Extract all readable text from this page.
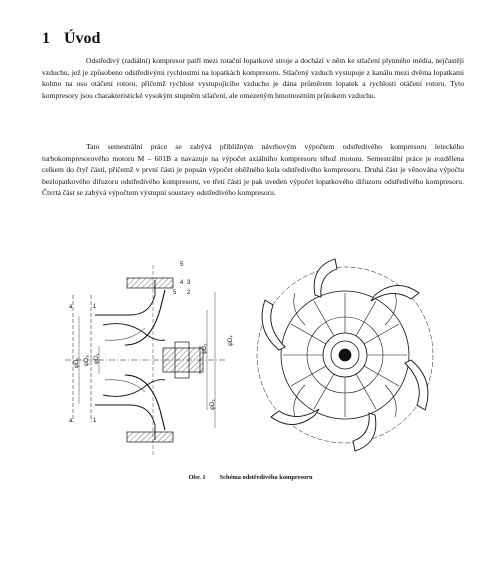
1 Úvod

Odstředivý (radiální) kompresor patří mezi rotační lopatkové stroje a dochází v něm ke stlačení plynného média, nejčastěji vzduchu, jež je způsobeno odstředivými rychlostmi na lopatkách kompresoru. Stlačený vzduch vystupuje z kanálu mezi dvěma lopatkami kolmo na osu otáčení rotoru, přičemž rychlost vystupujícího vzduchu je dána průměrem lopatek a rychlostí otáčení rotoru. Tyto kompresory jsou charakteristické vysokým stupněm stlačení, ale omezeným hmotnostním průtokem vzduchu.

Tato semestrální práce se zabývá přibližným návrhovým výpočtem odstředivého kompresoru leteckého turbokompresorového motoru M – 601B a navazuje na výpočet axiálního kompresoru téhož motoru. Semestrální práce je rozdělena celkem do čtyř částí, přičemž v první části je popsán výpočet oběžného kola odstředivého kompresoru. Druhá část je věnována výpočtu bezlopatkového difuzoru odstředivého kompresoru, ve třetí části je pak uveden výpočet lopatkového difuzoru odstředivého kompresoru. Čtvrtá část se zabývá výpočtem výstupní soustavy odstředivého kompresoru.

a
a
1
1
5
5
4 3
2
φD₀ φD₁
φDₐ
φD₂
φD₃
φD₄
Obr. 1 Schéma odstředivého kompresoru
